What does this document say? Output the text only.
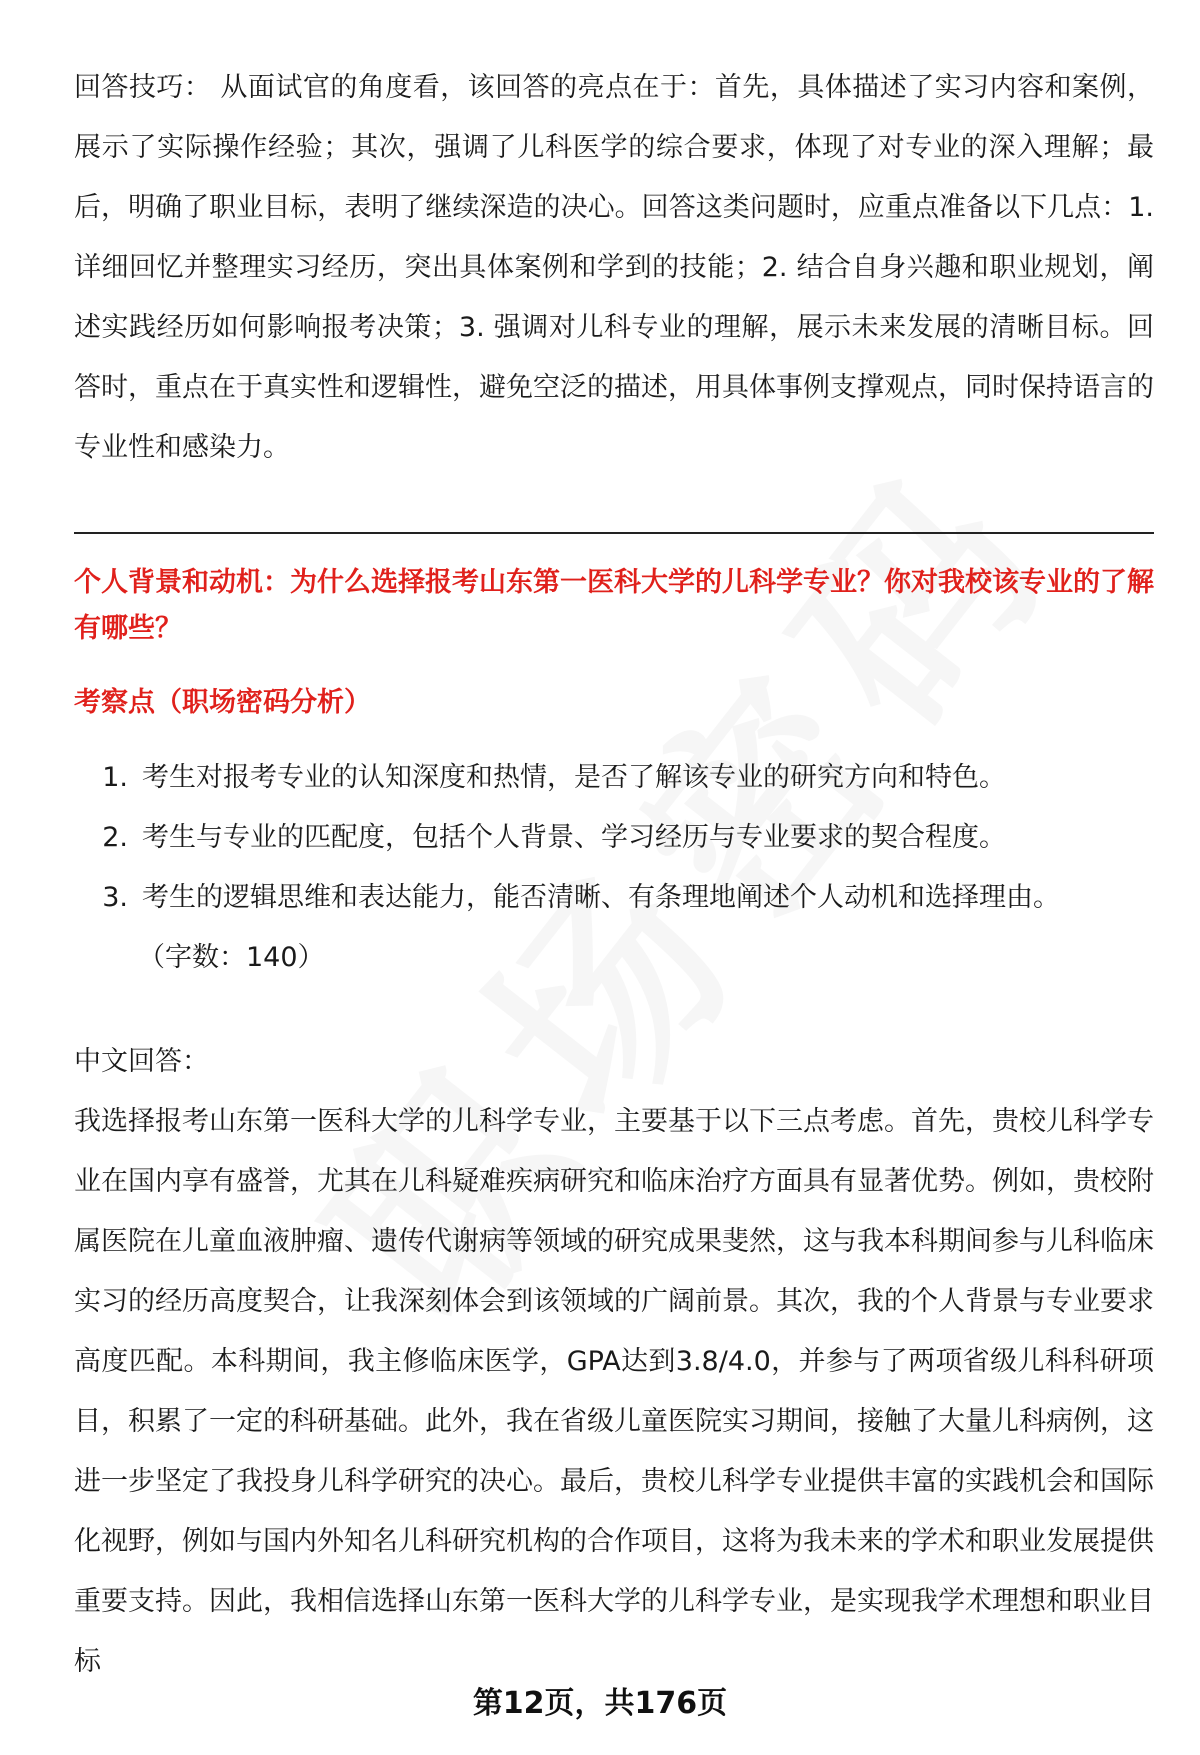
回答技巧： 从面试官的角度看，该回答的亮点在于：首先，具体描述了实习内容和案例，展示了实际操作经验；其次，强调了儿科医学的综合要求，体现了对专业的深入理解；最后，明确了职业目标，表明了继续深造的决心。回答这类问题时，应重点准备以下几点：1. 详细回忆并整理实习经历，突出具体案例和学到的技能；2. 结合自身兴趣和职业规划，阐述实践经历如何影响报考决策；3. 强调对儿科专业的理解，展示未来发展的清晰目标。回答时，重点在于真实性和逻辑性，避免空泛的描述，用具体事例支撑观点，同时保持语言的专业性和感染力。

个人背景和动机：为什么选择报考山东第一医科大学的儿科学专业？你对我校该专业的了解有哪些？
考察点（职场密码分析）
1. 考生对报考专业的认知深度和热情，是否了解该专业的研究方向和特色。
2. 考生与专业的匹配度，包括个人背景、学习经历与专业要求的契合程度。
3. 考生的逻辑思维和表达能力，能否清晰、有条理地阐述个人动机和选择理由。
（字数：140）
中文回答：

我选择报考山东第一医科大学的儿科学专业，主要基于以下三点考虑。首先，贵校儿科学专业在国内享有盛誉，尤其在儿科疑难疾病研究和临床治疗方面具有显著优势。例如，贵校附属医院在儿童血液肿瘤、遗传代谢病等领域的研究成果斐然，这与我本科期间参与儿科临床实习的经历高度契合，让我深刻体会到该领域的广阔前景。其次，我的个人背景与专业要求高度匹配。本科期间，我主修临床医学，GPA达到3.8/4.0，并参与了两项省级儿科科研项目，积累了一定的科研基础。此外，我在省级儿童医院实习期间，接触了大量儿科病例，这进一步坚定了我投身儿科学研究的决心。最后，贵校儿科学专业提供丰富的实践机会和国际化视野，例如与国内外知名儿科研究机构的合作项目，这将为我未来的学术和职业发展提供重要支持。因此，我相信选择山东第一医科大学的儿科学专业，是实现我学术理想和职业目标

第12页，共176页
